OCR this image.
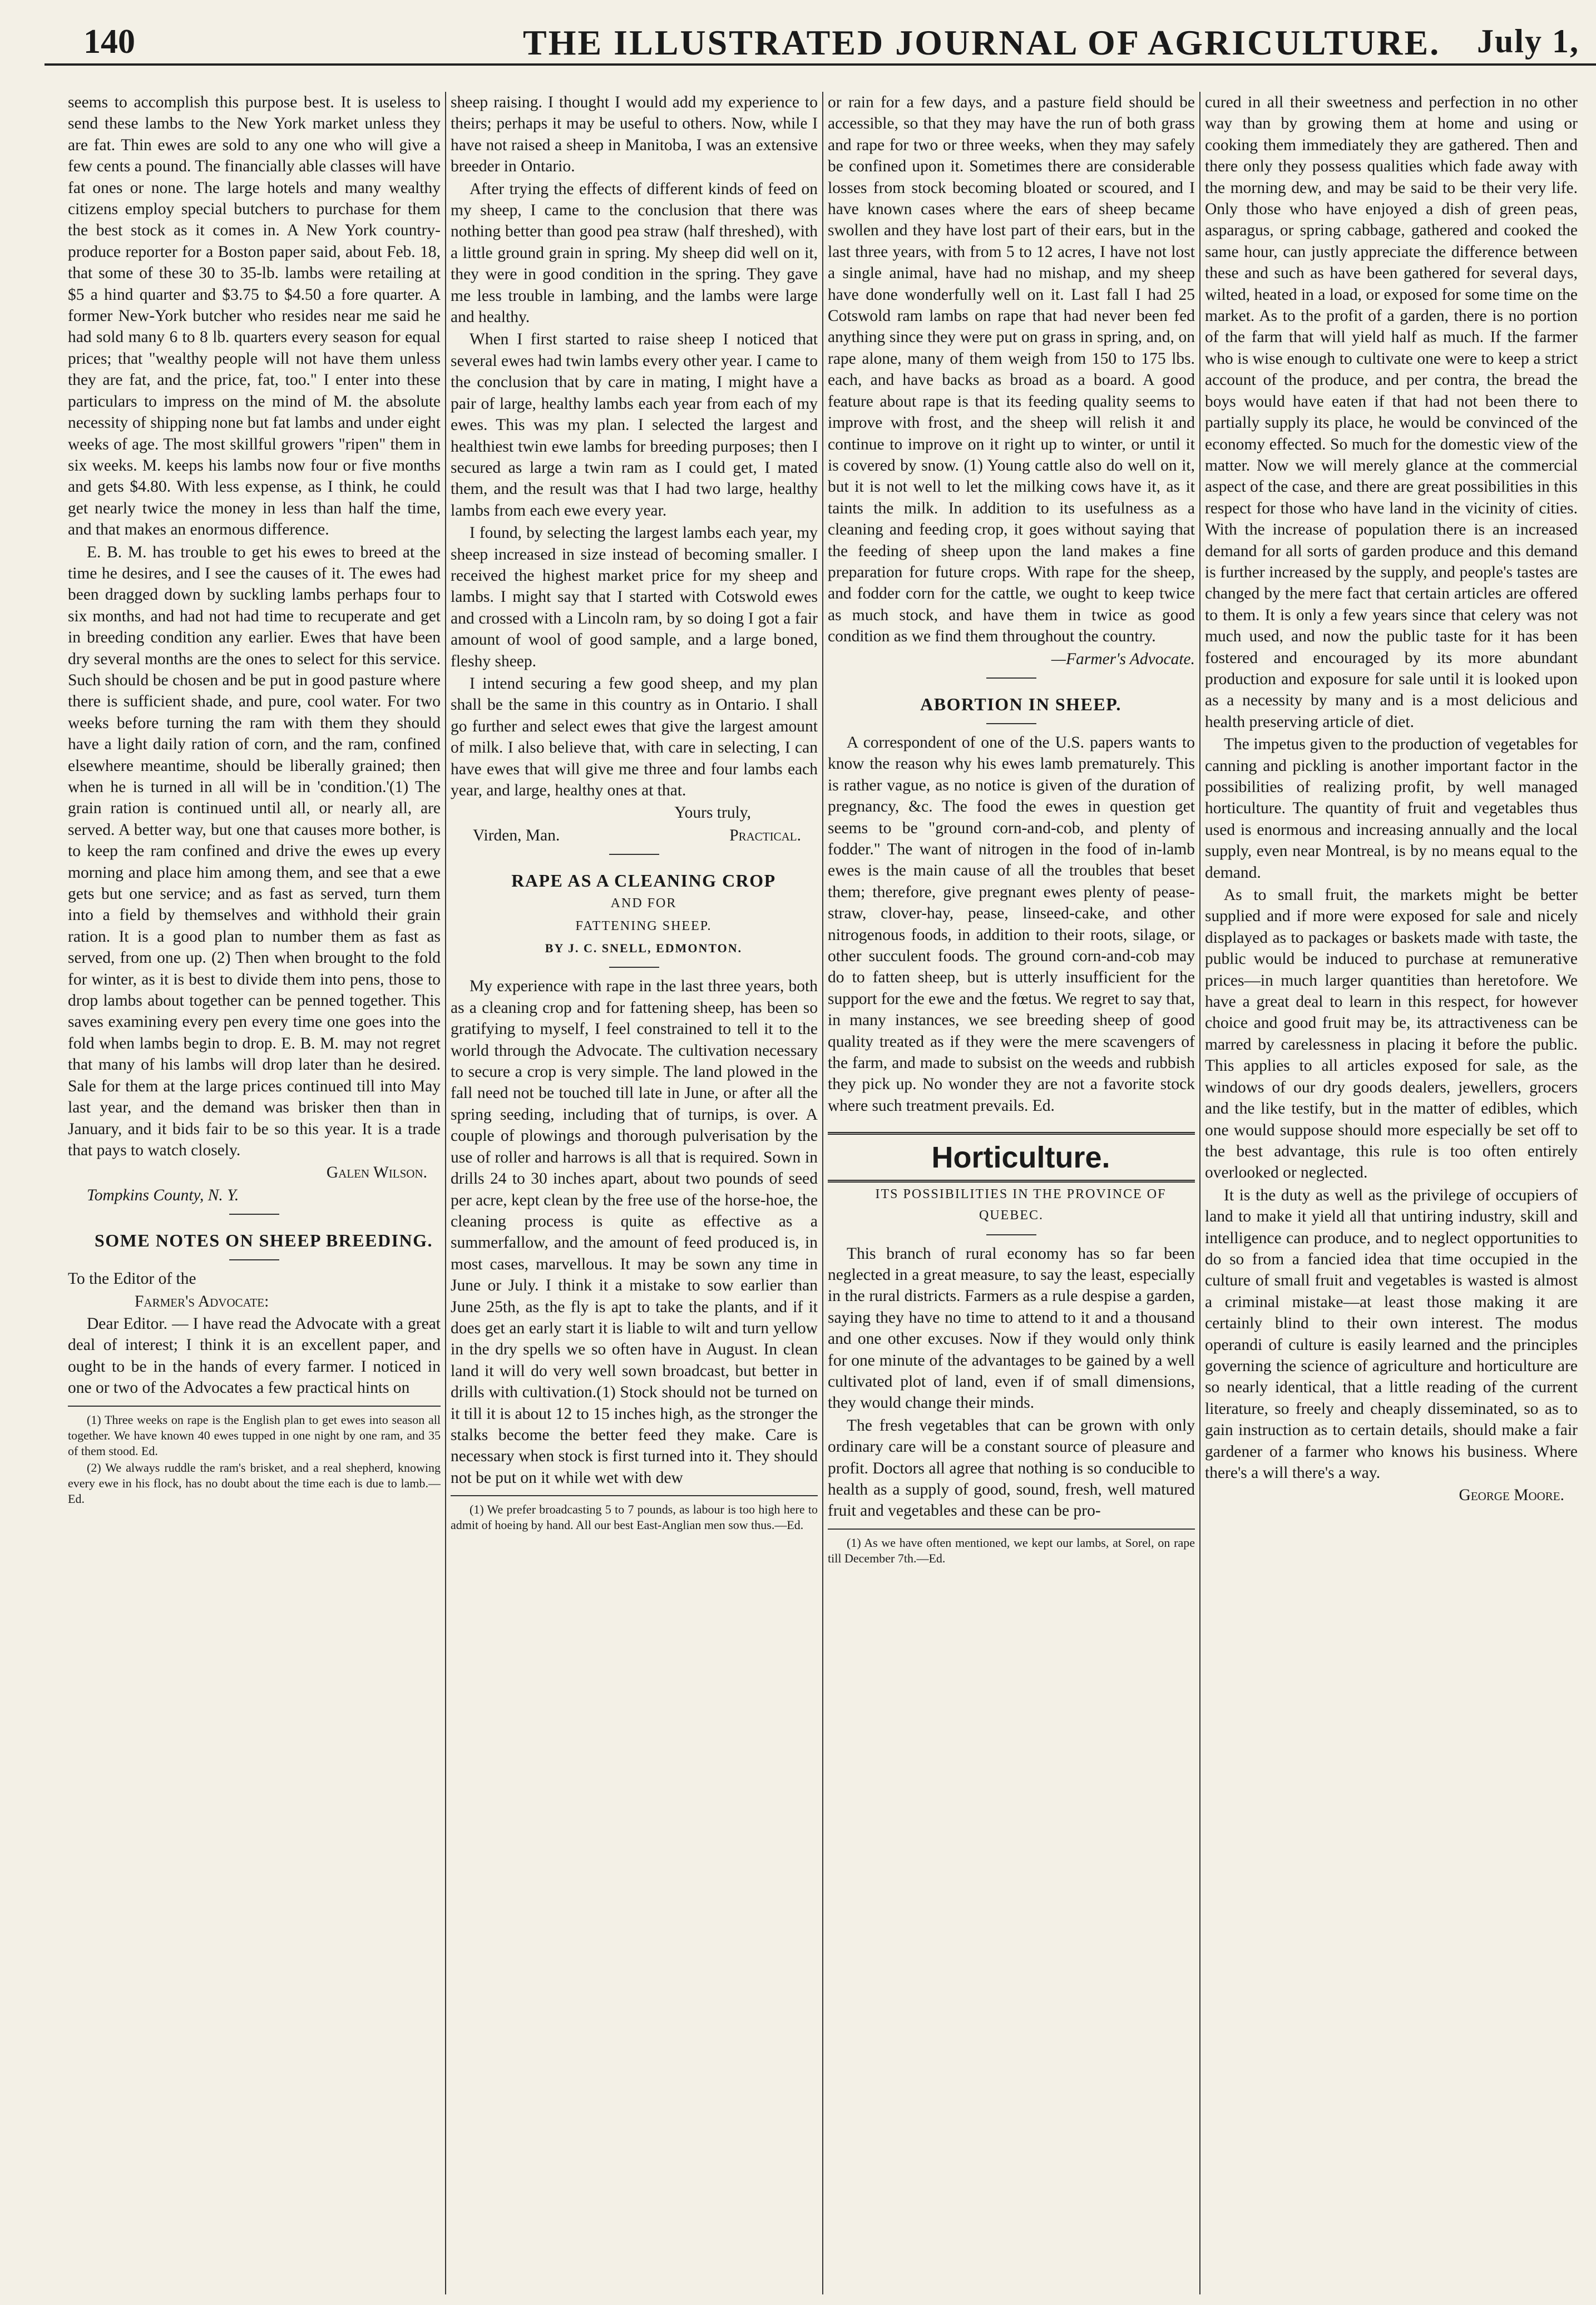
140	THE ILLUSTRATED JOURNAL OF AGRICULTURE. July 1,

seems to accomplish this purpose best. It is useless to send these lambs to the New York market unless they are fat. Thin ewes are sold to any one who will give a few cents a pound. The financially able classes will have fat ones or none. The large hotels and many wealthy citizens employ special butchers to purchase for them the best stock as it comes in. A New York country-produce reporter for a Boston paper said, about Feb. 18, that some of these 30 to 35-lb. lambs were retailing at $5 a hind quarter and $3.75 to $4.50 a fore quarter. A former New-York butcher who resides near me said he had sold many 6 to 8 lb. quarters every season for equal prices; that "wealthy people will not have them unless they are fat, and the price, fat, too." I enter into these particulars to impress on the mind of M. the absolute necessity of shipping none but fat lambs and under eight weeks of age. The most skillful growers "ripen" them in six weeks. M. keeps his lambs now four or five months and gets $4.80. With less expense, as I think, he could get nearly twice the money in less than half the time, and that makes an enormous difference.

E. B. M. has trouble to get his ewes to breed at the time he desires, and I see the causes of it. The ewes had been dragged down by suckling lambs perhaps four to six months, and had not had time to recuperate and get in breeding condition any earlier. Ewes that have been dry several months are the ones to select for this service. Such should be chosen and be put in good pasture where there is sufficient shade, and pure, cool water. For two weeks before turning the ram with them they should have a light daily ration of corn, and the ram, confined elsewhere meantime, should be liberally grained; then when he is turned in all will be in 'condition.'(1) The grain ration is continued until all, or nearly all, are served. A better way, but one that causes more bother, is to keep the ram confined and drive the ewes up every morning and place him among them, and see that a ewe gets but one service; and as fast as served, turn them into a field by themselves and withhold their grain ration. It is a good plan to number them as fast as served, from one up. (2) Then when brought to the fold for winter, as it is best to divide them into pens, those to drop lambs about together can be penned together. This saves examining every pen every time one goes into the fold when lambs begin to drop. E. B. M. may not regret that many of his lambs will drop later than he desired. Sale for them at the large prices continued till into May last year, and the demand was brisker then than in January, and it bids fair to be so this year. It is a trade that pays to watch closely.

Galen Wilson.

Tompkins County, N. Y.

SOME NOTES ON SHEEP BREEDING.

To the Editor of the

Farmer's Advocate:

Dear Editor. — I have read the Advocate with a great deal of interest; I think it is an excellent paper, and ought to be in the hands of every farmer. I noticed in one or two of the Advocates a few practical hints on

(1) Three weeks on rape is the English plan to get ewes into season all together. We have known 40 ewes tupped in one night by one ram, and 35 of them stood. Ed.

(2) We always ruddle the ram's brisket, and a real shepherd, knowing every ewe in his flock, has no doubt about the time each is due to lamb.—Ed.

sheep raising. I thought I would add my experience to theirs; perhaps it may be useful to others. Now, while I have not raised a sheep in Manitoba, I was an extensive breeder in Ontario.

After trying the effects of different kinds of feed on my sheep, I came to the conclusion that there was nothing better than good pea straw (half threshed), with a little ground grain in spring. My sheep did well on it, they were in good condition in the spring. They gave me less trouble in lambing, and the lambs were large and healthy.

When I first started to raise sheep I noticed that several ewes had twin lambs every other year. I came to the conclusion that by care in mating, I might have a pair of large, healthy lambs each year from each of my ewes. This was my plan. I selected the largest and healthiest twin ewe lambs for breeding purposes; then I secured as large a twin ram as I could get, I mated them, and the result was that I had two large, healthy lambs from each ewe every year.

I found, by selecting the largest lambs each year, my sheep increased in size instead of becoming smaller. I received the highest market price for my sheep and lambs. I might say that I started with Cotswold ewes and crossed with a Lincoln ram, by so doing I got a fair amount of wool of good sample, and a large boned, fleshy sheep.

I intend securing a few good sheep, and my plan shall be the same in this country as in Ontario. I shall go further and select ewes that give the largest amount of milk. I also believe that, with care in selecting, I can have ewes that will give me three and four lambs each year, and large, healthy ones at that.

Yours truly,

Virden, Man.	Practical.

RAPE AS A CLEANING CROP

AND FOR

FATTENING SHEEP.

BY J. C. SNELL, EDMONTON.

My experience with rape in the last three years, both as a cleaning crop and for fattening sheep, has been so gratifying to myself, I feel constrained to tell it to the world through the Advocate. The cultivation necessary to secure a crop is very simple. The land plowed in the fall need not be touched till late in June, or after all the spring seeding, including that of turnips, is over. A couple of plowings and thorough pulverisation by the use of roller and harrows is all that is required. Sown in drills 24 to 30 inches apart, about two pounds of seed per acre, kept clean by the free use of the horse-hoe, the cleaning process is quite as effective as a summerfallow, and the amount of feed produced is, in most cases, marvellous. It may be sown any time in June or July. I think it a mistake to sow earlier than June 25th, as the fly is apt to take the plants, and if it does get an early start it is liable to wilt and turn yellow in the dry spells we so often have in August. In clean land it will do very well sown broadcast, but better in drills with cultivation.(1) Stock should not be turned on it till it is about 12 to 15 inches high, as the stronger the stalks become the better feed they make. Care is necessary when stock is first turned into it. They should not be put on it while wet with dew

(1) We prefer broadcasting 5 to 7 pounds, as labour is too high here to admit of hoeing by hand. All our best East-Anglian men sow thus.—Ed.

or rain for a few days, and a pasture field should be accessible, so that they may have the run of both grass and rape for two or three weeks, when they may safely be confined upon it. Sometimes there are considerable losses from stock becoming bloated or scoured, and I have known cases where the ears of sheep became swollen and they have lost part of their ears, but in the last three years, with from 5 to 12 acres, I have not lost a single animal, have had no mishap, and my sheep have done wonderfully well on it. Last fall I had 25 Cotswold ram lambs on rape that had never been fed anything since they were put on grass in spring, and, on rape alone, many of them weigh from 150 to 175 lbs. each, and have backs as broad as a board. A good feature about rape is that its feeding quality seems to improve with frost, and the sheep will relish it and continue to improve on it right up to winter, or until it is covered by snow. (1) Young cattle also do well on it, but it is not well to let the milking cows have it, as it taints the milk. In addition to its usefulness as a cleaning and feeding crop, it goes without saying that the feeding of sheep upon the land makes a fine preparation for future crops. With rape for the sheep, and fodder corn for the cattle, we ought to keep twice as much stock, and have them in twice as good condition as we find them throughout the country.

—Farmer's Advocate.

ABORTION IN SHEEP.

A correspondent of one of the U.S. papers wants to know the reason why his ewes lamb prematurely. This is rather vague, as no notice is given of the duration of pregnancy, &c. The food the ewes in question get seems to be "ground corn-and-cob, and plenty of fodder." The want of nitrogen in the food of in-lamb ewes is the main cause of all the troubles that beset them; therefore, give pregnant ewes plenty of pease-straw, clover-hay, pease, linseed-cake, and other nitrogenous foods, in addition to their roots, silage, or other succulent foods. The ground corn-and-cob may do to fatten sheep, but is utterly insufficient for the support for the ewe and the fœtus. We regret to say that, in many instances, we see breeding sheep of good quality treated as if they were the mere scavengers of the farm, and made to subsist on the weeds and rubbish they pick up. No wonder they are not a favorite stock where such treatment prevails. Ed.

Horticulture.

ITS POSSIBILITIES IN THE PROVINCE OF QUEBEC.

This branch of rural economy has so far been neglected in a great measure, to say the least, especially in the rural districts. Farmers as a rule despise a garden, saying they have no time to attend to it and a thousand and one other excuses. Now if they would only think for one minute of the advantages to be gained by a well cultivated plot of land, even if of small dimensions, they would change their minds.

The fresh vegetables that can be grown with only ordinary care will be a constant source of pleasure and profit. Doctors all agree that nothing is so conducible to health as a supply of good, sound, fresh, well matured fruit and vegetables and these can be pro-

(1) As we have often mentioned, we kept our lambs, at Sorel, on rape till December 7th.—Ed.

cured in all their sweetness and perfection in no other way than by growing them at home and using or cooking them immediately they are gathered. Then and there only they possess qualities which fade away with the morning dew, and may be said to be their very life. Only those who have enjoyed a dish of green peas, asparagus, or spring cabbage, gathered and cooked the same hour, can justly appreciate the difference between these and such as have been gathered for several days, wilted, heated in a load, or exposed for some time on the market. As to the profit of a garden, there is no portion of the farm that will yield half as much. If the farmer who is wise enough to cultivate one were to keep a strict account of the produce, and per contra, the bread the boys would have eaten if that had not been there to partially supply its place, he would be convinced of the economy effected. So much for the domestic view of the matter. Now we will merely glance at the commercial aspect of the case, and there are great possibilities in this respect for those who have land in the vicinity of cities. With the increase of population there is an increased demand for all sorts of garden produce and this demand is further increased by the supply, and people's tastes are changed by the mere fact that certain articles are offered to them. It is only a few years since that celery was not much used, and now the public taste for it has been fostered and encouraged by its more abundant production and exposure for sale until it is looked upon as a necessity by many and is a most delicious and health preserving article of diet.

The impetus given to the production of vegetables for canning and pickling is another important factor in the possibilities of realizing profit, by well managed horticulture. The quantity of fruit and vegetables thus used is enormous and increasing annually and the local supply, even near Montreal, is by no means equal to the demand.

As to small fruit, the markets might be better supplied and if more were exposed for sale and nicely displayed as to packages or baskets made with taste, the public would be induced to purchase at remunerative prices—in much larger quantities than heretofore. We have a great deal to learn in this respect, for however choice and good fruit may be, its attractiveness can be marred by carelessness in placing it before the public. This applies to all articles exposed for sale, as the windows of our dry goods dealers, jewellers, grocers and the like testify, but in the matter of edibles, which one would suppose should more especially be set off to the best advantage, this rule is too often entirely overlooked or neglected.

It is the duty as well as the privilege of occupiers of land to make it yield all that untiring industry, skill and intelligence can produce, and to neglect opportunities to do so from a fancied idea that time occupied in the culture of small fruit and vegetables is wasted is almost a criminal mistake—at least those making it are certainly blind to their own interest. The modus operandi of culture is easily learned and the principles governing the science of agriculture and horticulture are so nearly identical, that a little reading of the current literature, so freely and cheaply disseminated, so as to gain instruction as to certain details, should make a fair gardener of a farmer who knows his business. Where there's a will there's a way.

George Moore.
